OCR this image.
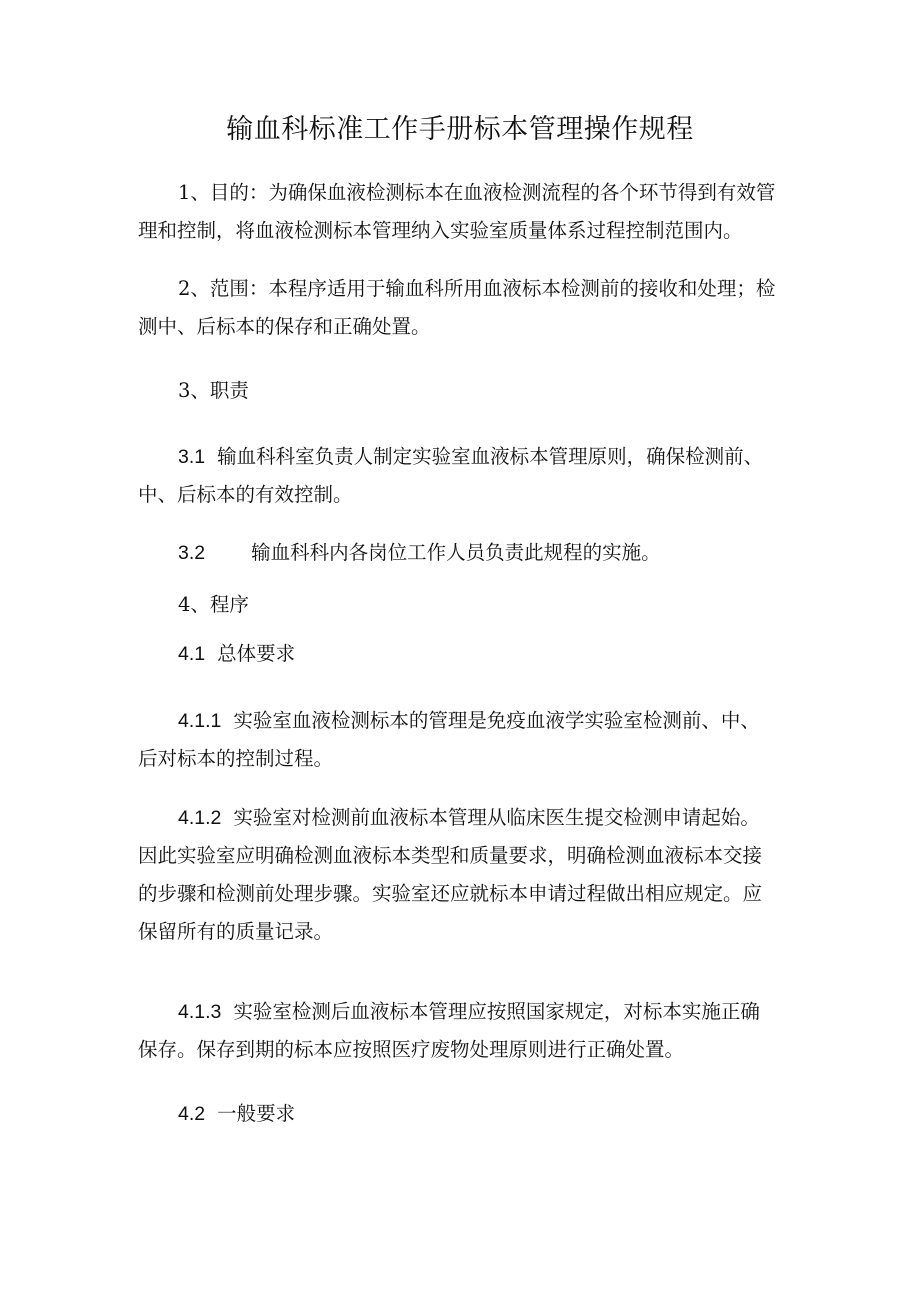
输血科标准工作手册标本管理操作规程
1、目的：为确保血液检测标本在血液检测流程的各个环节得到有效管
理和控制，将血液检测标本管理纳入实验室质量体系过程控制范围内。
2、范围：本程序适用于输血科所用血液标本检测前的接收和处理；检
测中、后标本的保存和正确处置。
3、职责
3.1 输血科科室负责人制定实验室血液标本管理原则，确保检测前、
中、后标本的有效控制。
3.2 输血科科内各岗位工作人员负责此规程的实施。
4、程序
4.1 总体要求
4.1.1 实验室血液检测标本的管理是免疫血液学实验室检测前、中、
后对标本的控制过程。
4.1.2 实验室对检测前血液标本管理从临床医生提交检测申请起始。
因此实验室应明确检测血液标本类型和质量要求，明确检测血液标本交接
的步骤和检测前处理步骤。实验室还应就标本申请过程做出相应规定。应
保留所有的质量记录。
4.1.3 实验室检测后血液标本管理应按照国家规定，对标本实施正确
保存。保存到期的标本应按照医疗废物处理原则进行正确处置。
4.2 一般要求
